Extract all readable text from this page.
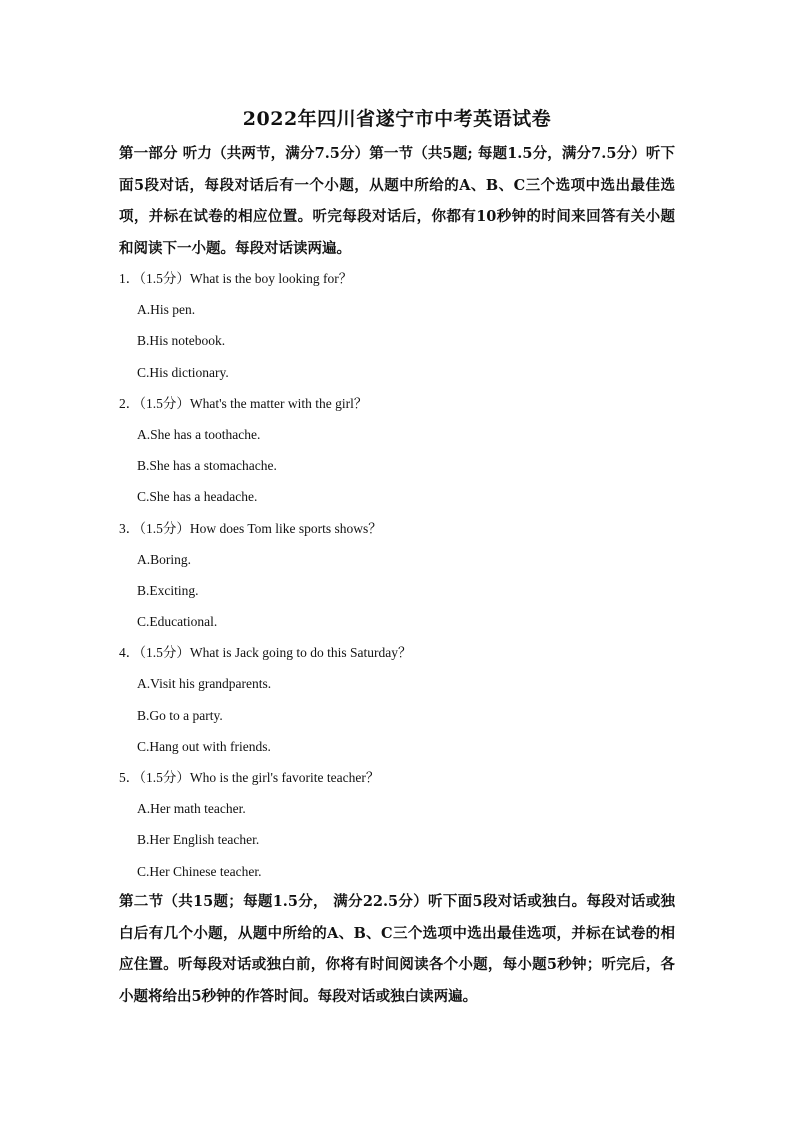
2022年四川省遂宁市中考英语试卷

第一部分 听力（共两节，满分7.5分）第一节（共5题; 每题1.5分，满分7.5分）听下面5段对话，每段对话后有一个小题，从题中所给的A、B、C三个选项中选出最佳选项，并标在试卷的相应位置。听完每段对话后，你都有10秒钟的时间来回答有关小题和阅读下一小题。每段对话读两遍。

1．（1.5分）What is the boy looking for？
A.His pen.
B.His notebook.
C.His dictionary.
2．（1.5分）What's the matter with the girl？
A.She has a toothache.
B.She has a stomachache.
C.She has a headache.
3．（1.5分）How does Tom like sports shows？
A.Boring.
B.Exciting.
C.Educational.
4．（1.5分）What is Jack going to do this Saturday？
A.Visit his grandparents.
B.Go to a party.
C.Hang out with friends.
5．（1.5分）Who is the girl's favorite teacher？
A.Her math teacher.
B.Her English teacher.
C.Her Chinese teacher.

第二节（共15题；每题1.5分， 满分22.5分）听下面5段对话或独白。每段对话或独白后有几个小题，从题中所给的A、B、C三个选项中选出最佳选项，并标在试卷的相应住置。听每段对话或独白前，你将有时间阅读各个小题，每小题5秒钟；听完后，各小题将给出5秒钟的作答时间。每段对话或独白读两遍。
